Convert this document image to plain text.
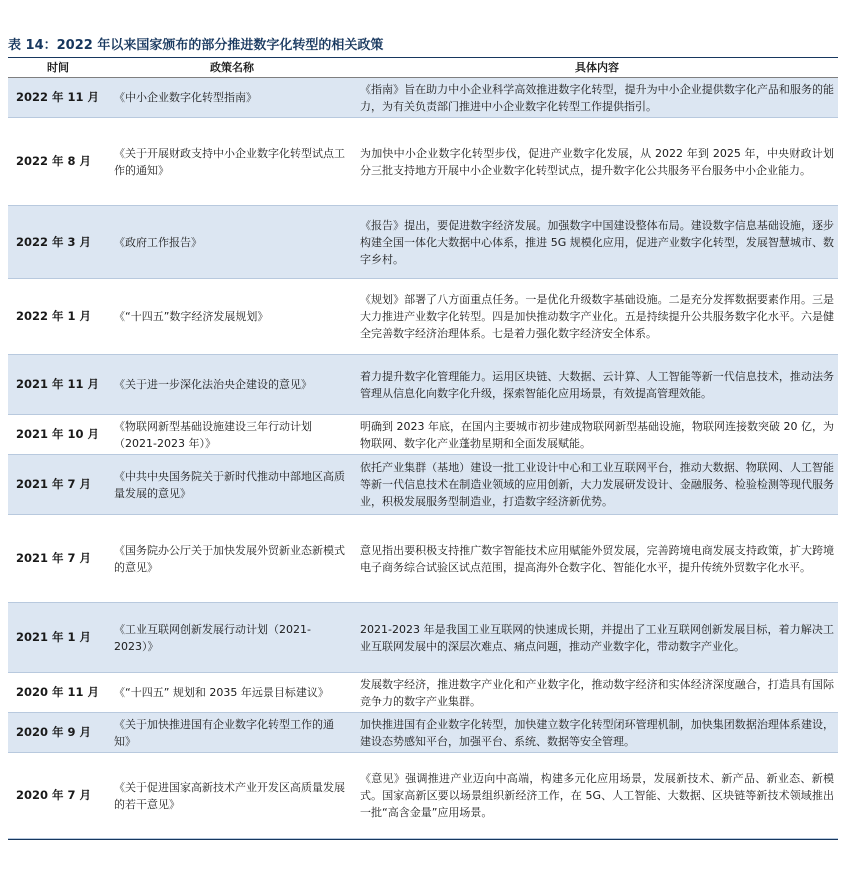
表 14：2022 年以来国家颁布的部分推进数字化转型的相关政策
时间	政策名称	具体内容
2022 年 11 月	《中小企业数字化转型指南》	《指南》旨在助力中小企业科学高效推进数字化转型，提升为中小企业提供数字化产品和服务的能力，为有关负责部门推进中小企业数字化转型工作提供指引。
2022 年 8 月	《关于开展财政支持中小企业数字化转型试点工作的通知》	为加快中小企业数字化转型步伐，促进产业数字化发展，从 2022 年到 2025 年，中央财政计划分三批支持地方开展中小企业数字化转型试点，提升数字化公共服务平台服务中小企业能力。
2022 年 3 月	《政府工作报告》	《报告》提出，要促进数字经济发展。加强数字中国建设整体布局。建设数字信息基础设施，逐步构建全国一体化大数据中心体系，推进 5G 规模化应用，促进产业数字化转型，发展智慧城市、数字乡村。
2022 年 1 月	《“十四五”数字经济发展规划》	《规划》部署了八方面重点任务。一是优化升级数字基础设施。二是充分发挥数据要素作用。三是大力推进产业数字化转型。四是加快推动数字产业化。五是持续提升公共服务数字化水平。六是健全完善数字经济治理体系。七是着力强化数字经济安全体系。
2021 年 11 月	《关于进一步深化法治央企建设的意见》	着力提升数字化管理能力。运用区块链、大数据、云计算、人工智能等新一代信息技术，推动法务管理从信息化向数字化升级，探索智能化应用场景，有效提高管理效能。
2021 年 10 月	《物联网新型基础设施建设三年行动计划（2021-2023 年）》	明确到 2023 年底，在国内主要城市初步建成物联网新型基础设施，物联网连接数突破 20 亿，为物联网、数字化产业蓬勃星期和全面发展赋能。
2021 年 7 月	《中共中央国务院关于新时代推动中部地区高质量发展的意见》	依托产业集群（基地）建设一批工业设计中心和工业互联网平台，推动大数据、物联网、人工智能等新一代信息技术在制造业领域的应用创新，大力发展研发设计、金融服务、检验检测等现代服务业，积极发展服务型制造业，打造数字经济新优势。
2021 年 7 月	《国务院办公厅关于加快发展外贸新业态新模式的意见》	意见指出要积极支持推广数字智能技术应用赋能外贸发展，完善跨境电商发展支持政策，扩大跨境电子商务综合试验区试点范围，提高海外仓数字化、智能化水平，提升传统外贸数字化水平。
2021 年 1 月	《工业互联网创新发展行动计划（2021-2023）》	2021-2023 年是我国工业互联网的快速成长期，并提出了工业互联网创新发展目标，着力解决工业互联网发展中的深层次难点、痛点问题，推动产业数字化，带动数字产业化。
2020 年 11 月	《“十四五” 规划和 2035 年远景目标建议》	发展数字经济，推进数字产业化和产业数字化，推动数字经济和实体经济深度融合，打造具有国际竞争力的数字产业集群。
2020 年 9 月	《关于加快推进国有企业数字化转型工作的通知》	加快推进国有企业数字化转型，加快建立数字化转型闭环管理机制，加快集团数据治理体系建设，建设态势感知平台，加强平台、系统、数据等安全管理。
2020 年 7 月	《关于促进国家高新技术产业开发区高质量发展的若干意见》	《意见》强调推进产业迈向中高端，构建多元化应用场景，发展新技术、新产品、新业态、新模式。国家高新区要以场景组织新经济工作，在 5G、人工智能、大数据、区块链等新技术领域推出一批“高含金量”应用场景。
